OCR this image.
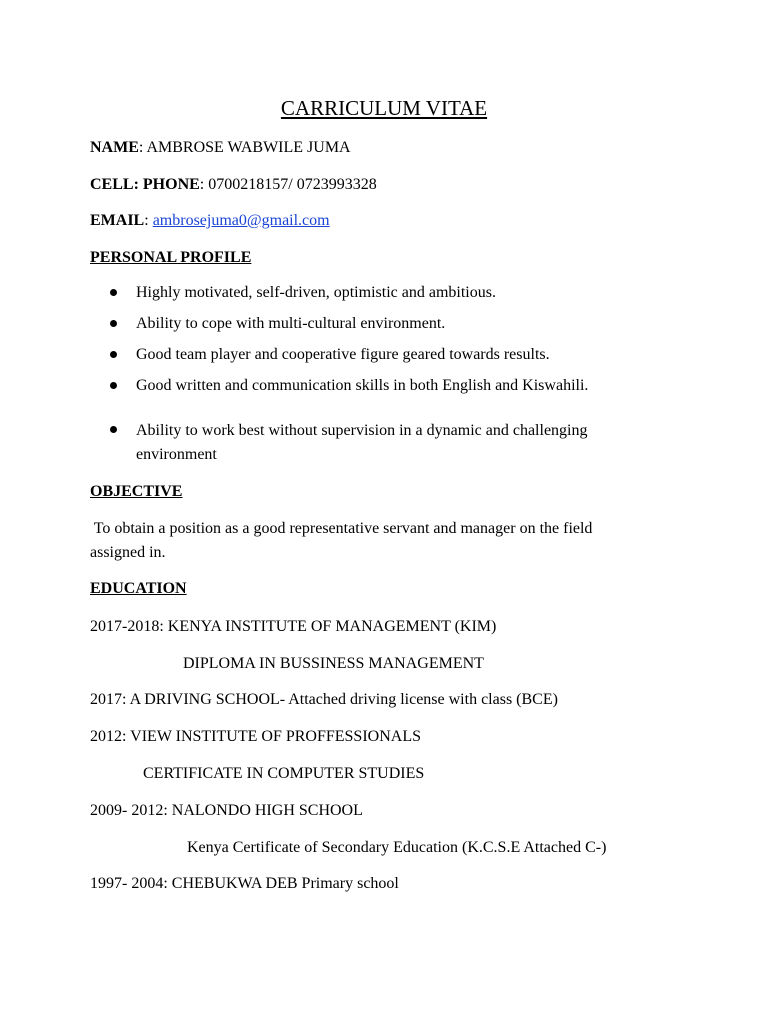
CARRICULUM VITAE
NAME: AMBROSE WABWILE JUMA
CELL: PHONE: 0700218157/ 0723993328
EMAIL: ambrosejuma0@gmail.com
PERSONAL PROFILE
Highly motivated, self-driven, optimistic and ambitious.
Ability to cope with multi-cultural environment.
Good team player and cooperative figure geared towards results.
Good written and communication skills in both English and Kiswahili.
Ability to work best without supervision in a dynamic and challenging
environment
OBJECTIVE
To obtain a position as a good representative servant and manager on the field
assigned in.
EDUCATION
2017-2018: KENYA INSTITUTE OF MANAGEMENT (KIM)
DIPLOMA IN BUSSINESS MANAGEMENT
2017: A DRIVING SCHOOL- Attached driving license with class (BCE)
2012: VIEW INSTITUTE OF PROFFESSIONALS
CERTIFICATE IN COMPUTER STUDIES
2009- 2012: NALONDO HIGH SCHOOL
Kenya Certificate of Secondary Education (K.C.S.E Attached C-)
1997- 2004: CHEBUKWA DEB Primary school
